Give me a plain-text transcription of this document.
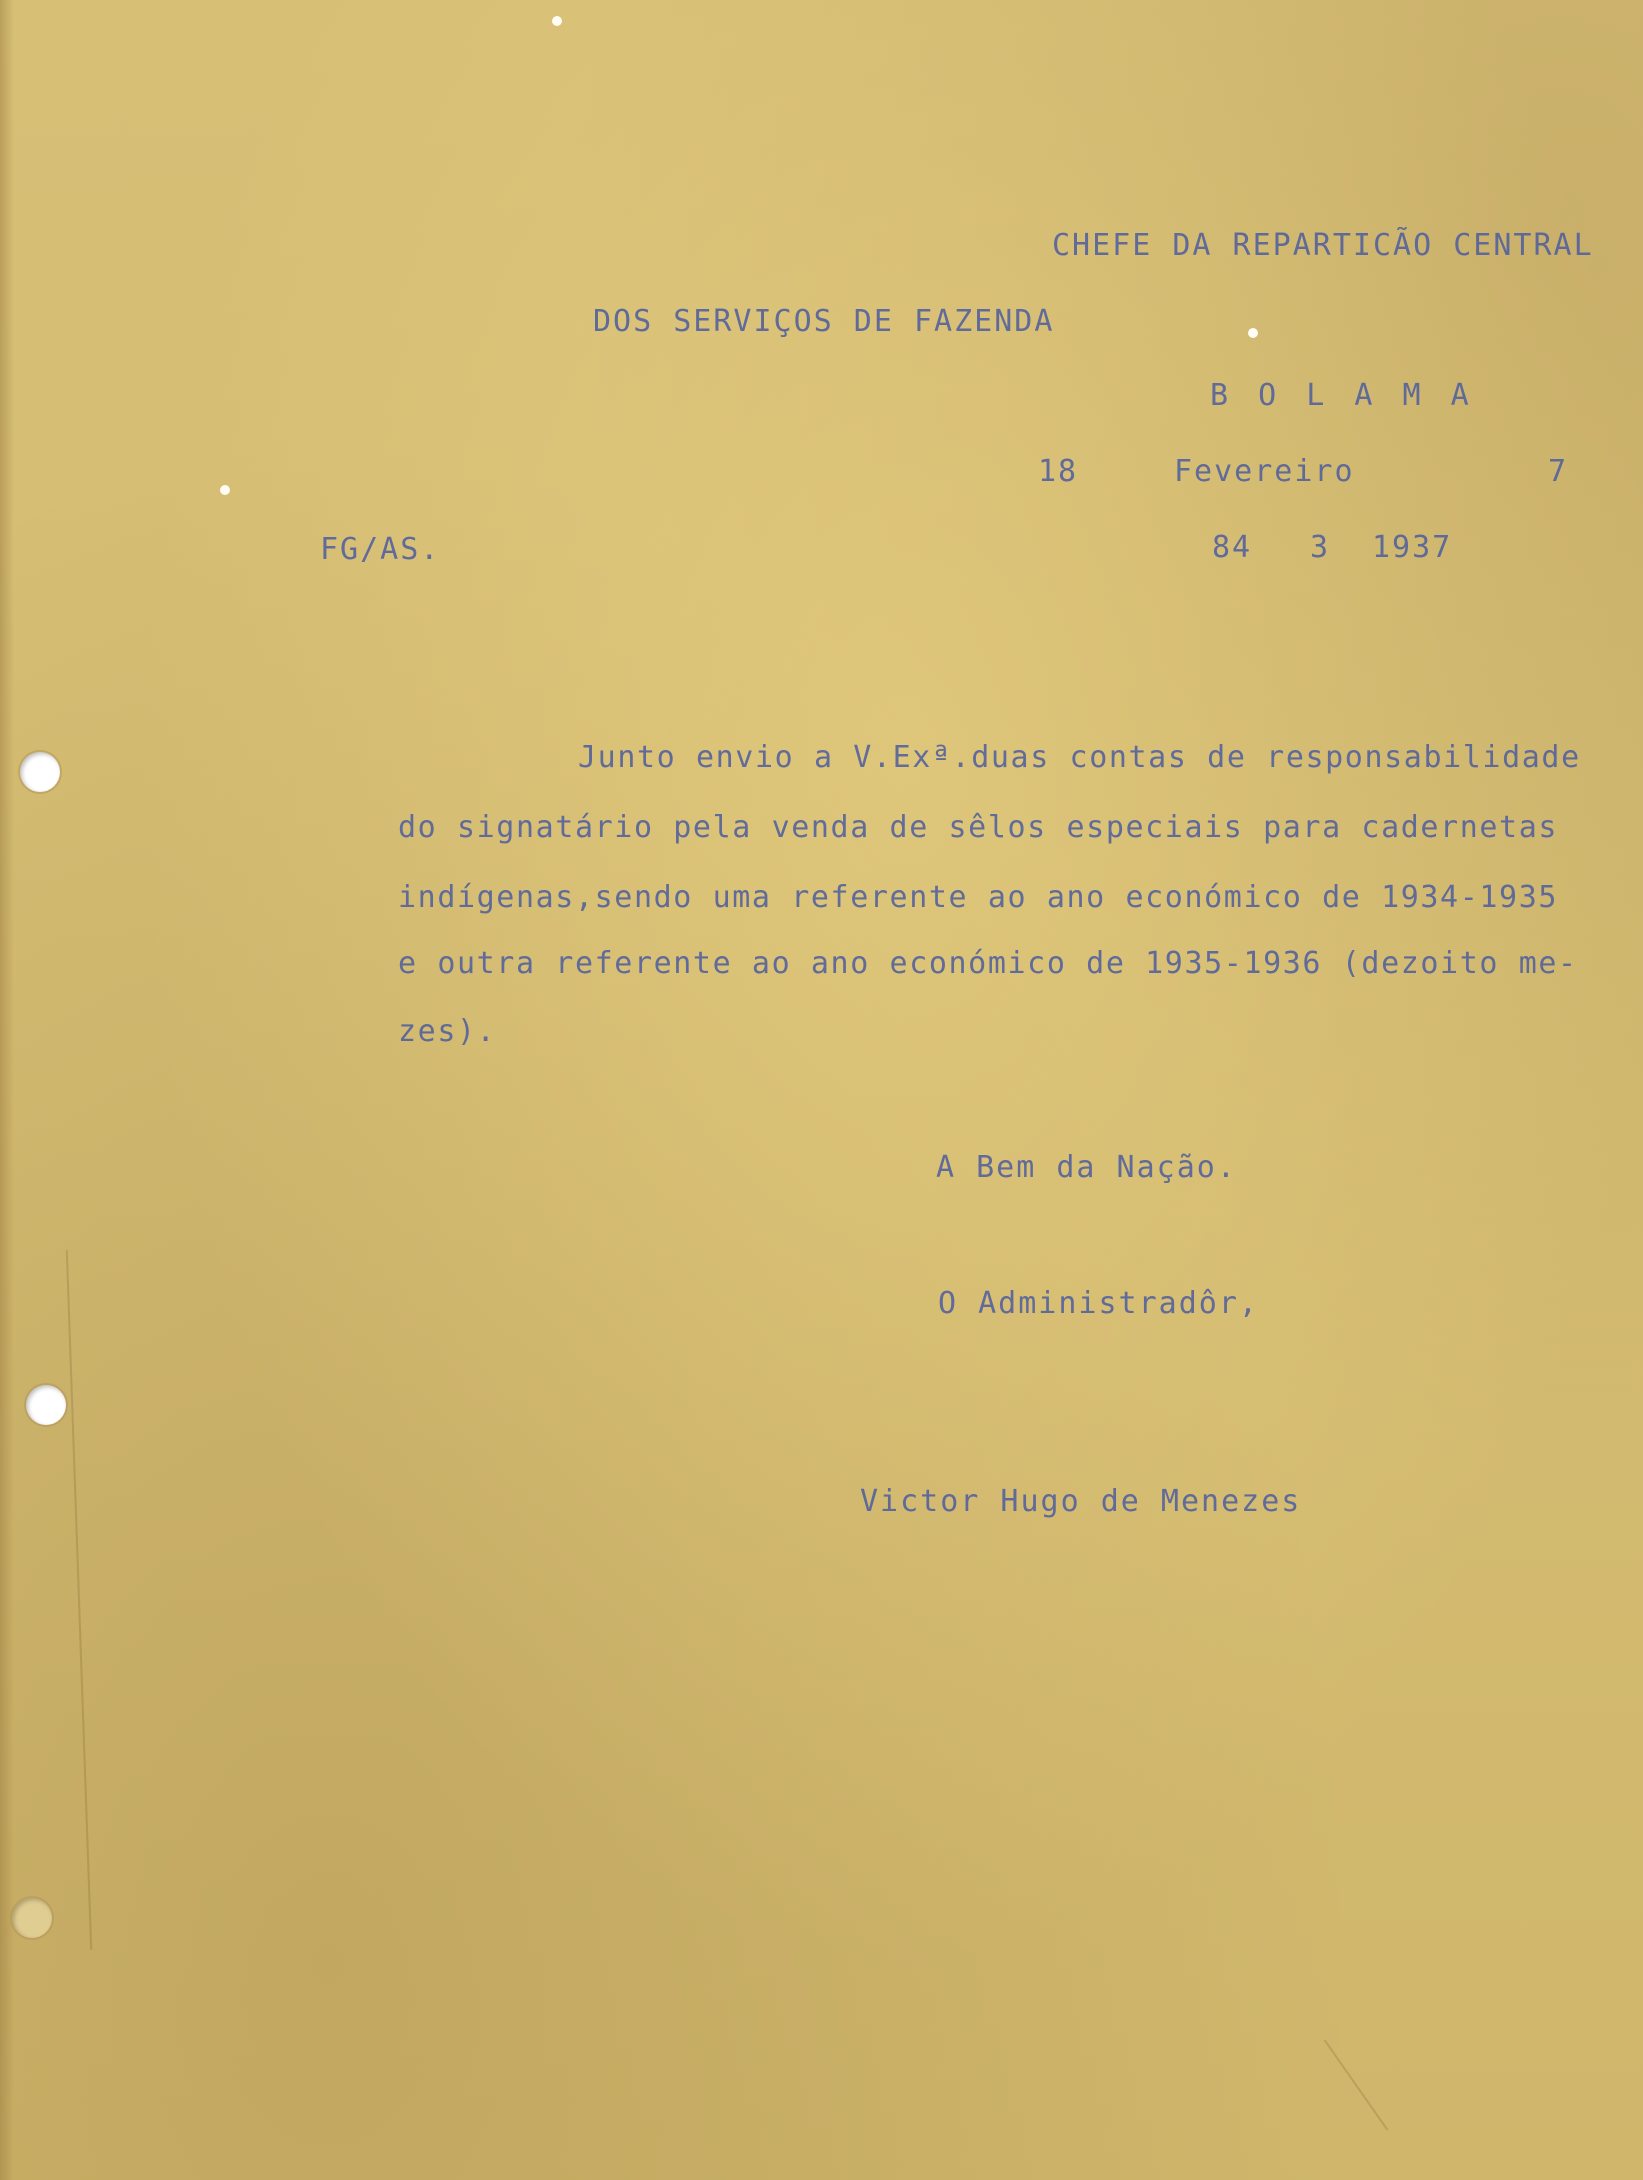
CHEFE DA REPARTICÃO CENTRAL
DOS SERVIÇOS DE FAZENDA
B O L A M A
18	Fevereiro	7
FG/AS.	84 3 1937
Junto envio a V.Exª.duas contas de responsabilidade
do signatário pela venda de sêlos especiais para cadernetas
indígenas,sendo uma referente ao ano económico de 1934-1935
e outra referente ao ano económico de 1935-1936 (dezoito me-
zes).
A Bem da Nação.
O Administradôr,
Victor Hugo de Menezes
